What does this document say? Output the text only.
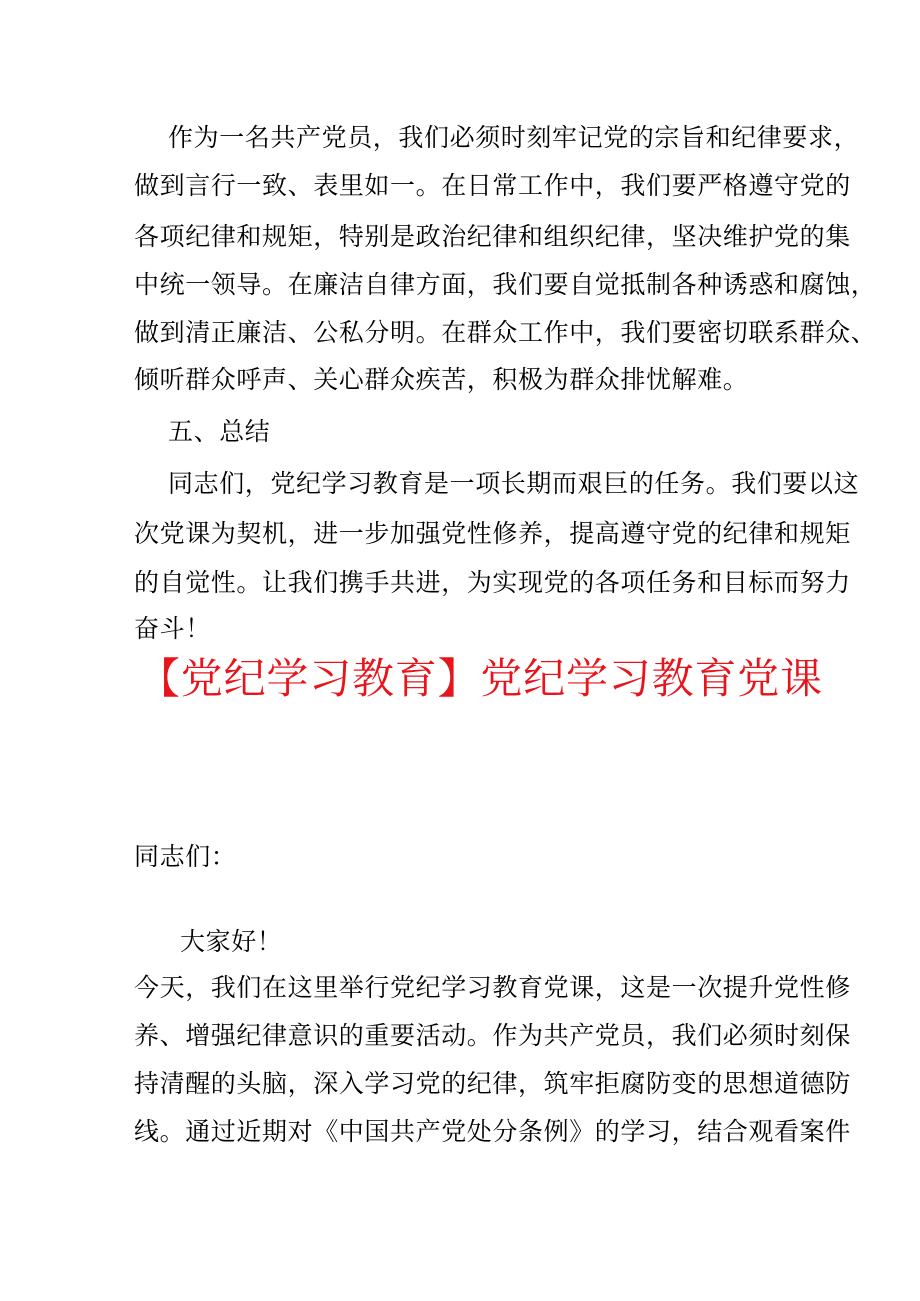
作为一名共产党员，我们必须时刻牢记党的宗旨和纪律要求，
做到言行一致、表里如一。在日常工作中，我们要严格遵守党的
各项纪律和规矩，特别是政治纪律和组织纪律，坚决维护党的集
中统一领导。在廉洁自律方面，我们要自觉抵制各种诱惑和腐蚀，
做到清正廉洁、公私分明。在群众工作中，我们要密切联系群众、
倾听群众呼声、关心群众疾苦，积极为群众排忧解难。
五、总结
同志们，党纪学习教育是一项长期而艰巨的任务。我们要以这
次党课为契机，进一步加强党性修养，提高遵守党的纪律和规矩
的自觉性。让我们携手共进，为实现党的各项任务和目标而努力
奋斗！
【党纪学习教育】党纪学习教育党课
同志们：
大家好！
今天，我们在这里举行党纪学习教育党课，这是一次提升党性修
养、增强纪律意识的重要活动。作为共产党员，我们必须时刻保
持清醒的头脑，深入学习党的纪律，筑牢拒腐防变的思想道德防
线。通过近期对《中国共产党处分条例》的学习，结合观看案件
